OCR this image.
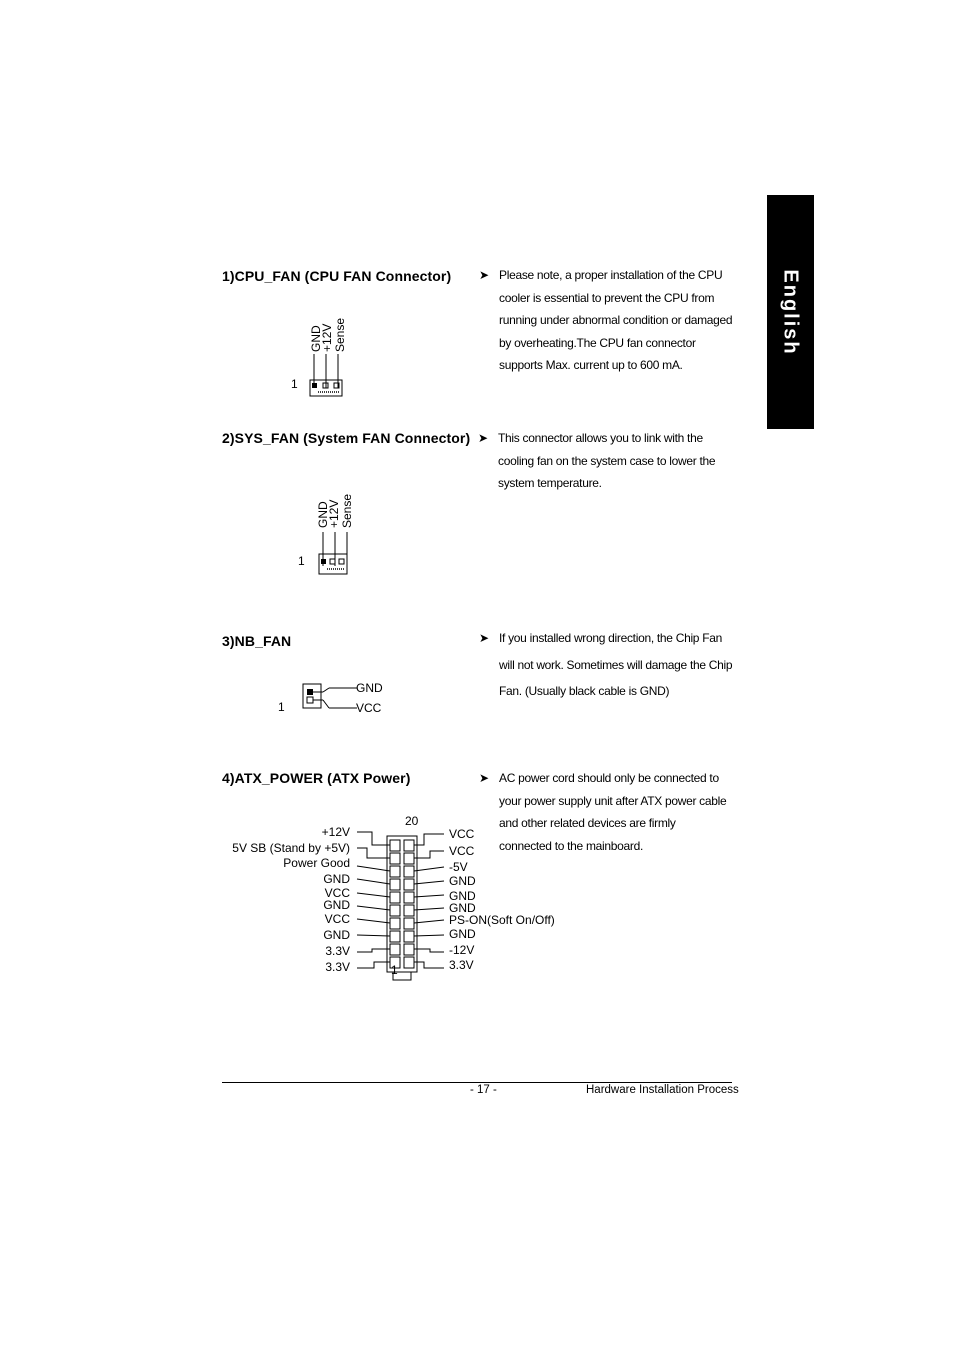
English
1)CPU_FAN (CPU FAN Connector)
GND
+12V Sense
1
➤ Please note, a proper installation of the CPU
cooler is essential to prevent the CPU from
running under abnormal condition or damaged
by overheating.The CPU fan connector
supports Max. current up to 600 mA.
2)SYS_FAN (System FAN Connector)
GND
+12V Sense
1
➤ This connector allows you to link with the
cooling fan on the system case to lower the
system temperature.
3)NB_FAN
GND
VCC
1
➤ If you installed wrong direction, the Chip Fan
will not work. Sometimes will damage the Chip
Fan. (Usually black cable is GND)
4)ATX_POWER (ATX Power)
20
1
+12V
5V SB (Stand by +5V)
Power Good
GND
VCC
GND
VCC
GND
3.3V
3.3V
VCC
VCC
-5V
GND
GND
GND
PS-ON(Soft On/Off)
GND
-12V
3.3V
➤ AC power cord should only be connected to
your power supply unit after ATX power cable
and other related devices are firmly
connected to the mainboard.
- 17 -	Hardware Installation Process
